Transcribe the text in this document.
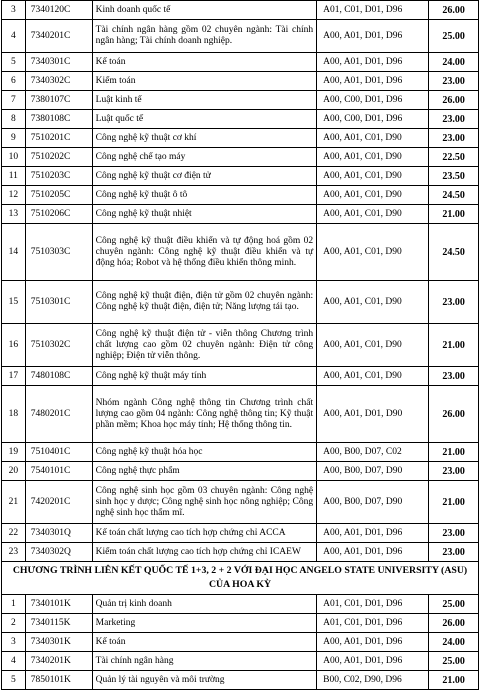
3	7340120C	Kinh doanh quốc tế	A01, C01, D01, D96	26.00
4	7340201C	Tài chính ngân hàng gồm 02 chuyên ngành: Tài chính ngân hàng; Tài chính doanh nghiệp.	A00, A01, D01, D96	25.00
5	7340301C	Kế toán	A00, A01, D01, D96	24.00
6	7340302C	Kiểm toán	A00, A01, D01, D96	23.00
7	7380107C	Luật kinh tế	A00, C00, D01, D96	26.00
8	7380108C	Luật quốc tế	A00, C00, D01, D96	23.00
9	7510201C	Công nghệ kỹ thuật cơ khí	A00, A01, C01, D90	23.00
10	7510202C	Công nghệ chế tạo máy	A00, A01, C01, D90	22.50
11	7510203C	Công nghệ kỹ thuật cơ điện tử	A00, A01, C01, D90	23.50
12	7510205C	Công nghệ kỹ thuật ô tô	A00, A01, C01, D90	24.50
13	7510206C	Công nghệ kỹ thuật nhiệt	A00, A01, C01, D90	21.00
14	7510303C	Công nghệ kỹ thuật điều khiển và tự động hoá gồm 02 chuyên ngành: Công nghệ kỹ thuật điều khiển và tự động hóa; Robot và hệ thống điều khiển thông minh.	A00, A01, C01, D90	24.50
15	7510301C	Công nghệ kỹ thuật điện, điện tử gồm 02 chuyên ngành: Công nghệ kỹ thuật điện, điện tử; Năng lượng tái tạo.	A00, A01, C01, D90	23.00
16	7510302C	Công nghệ kỹ thuật điện tử - viễn thông Chương trình chất lượng cao gồm 02 chuyên ngành: Điện tử công nghiệp; Điện tử viễn thông.	A00, A01, C01, D90	21.00
17	7480108C	Công nghệ kỹ thuật máy tính	A00, A01, C01, D90	23.00
18	7480201C	Nhóm ngành Công nghệ thông tin Chương trình chất lượng cao gồm 04 ngành: Công nghệ thông tin; Kỹ thuật phần mềm; Khoa học máy tính; Hệ thống thông tin.	A00, A01, D01, D90	26.00
19	7510401C	Công nghệ kỹ thuật hóa học	A00, B00, D07, C02	21.00
20	7540101C	Công nghệ thực phẩm	A00, B00, D07, D90	23.00
21	7420201C	Công nghệ sinh học gồm 03 chuyên ngành: Công nghệ sinh học y dược; Công nghệ sinh học nông nghiệp; Công nghệ sinh học thẩm mĩ.	A00, B00, D07, D90	21.00
22	7340301Q	Kế toán chất lượng cao tích hợp chứng chỉ ACCA	A00, A01, D01, D96	23.00
23	7340302Q	Kiểm toán chất lượng cao tích hợp chứng chỉ ICAEW	A00, A01, D01, D96	23.00
CHƯƠNG TRÌNH LIÊN KẾT QUỐC TẾ 1+3, 2 + 2 VỚI ĐẠI HỌC ANGELO STATE UNIVERSITY (ASU) CỦA HOA KỲ				
1	7340101K	Quản trị kinh doanh	A01, C01, D01, D96	25.00
2	7340115K	Marketing	A01, C01, D01, D96	26.00
3	7340301K	Kế toán	A00, A01, D01, D96	24.00
4	7340201K	Tài chính ngân hàng	A00, A01, D01, D96	25.00
5	7850101K	Quản lý tài nguyên và môi trường	B00, C02, D90, D96	21.00
